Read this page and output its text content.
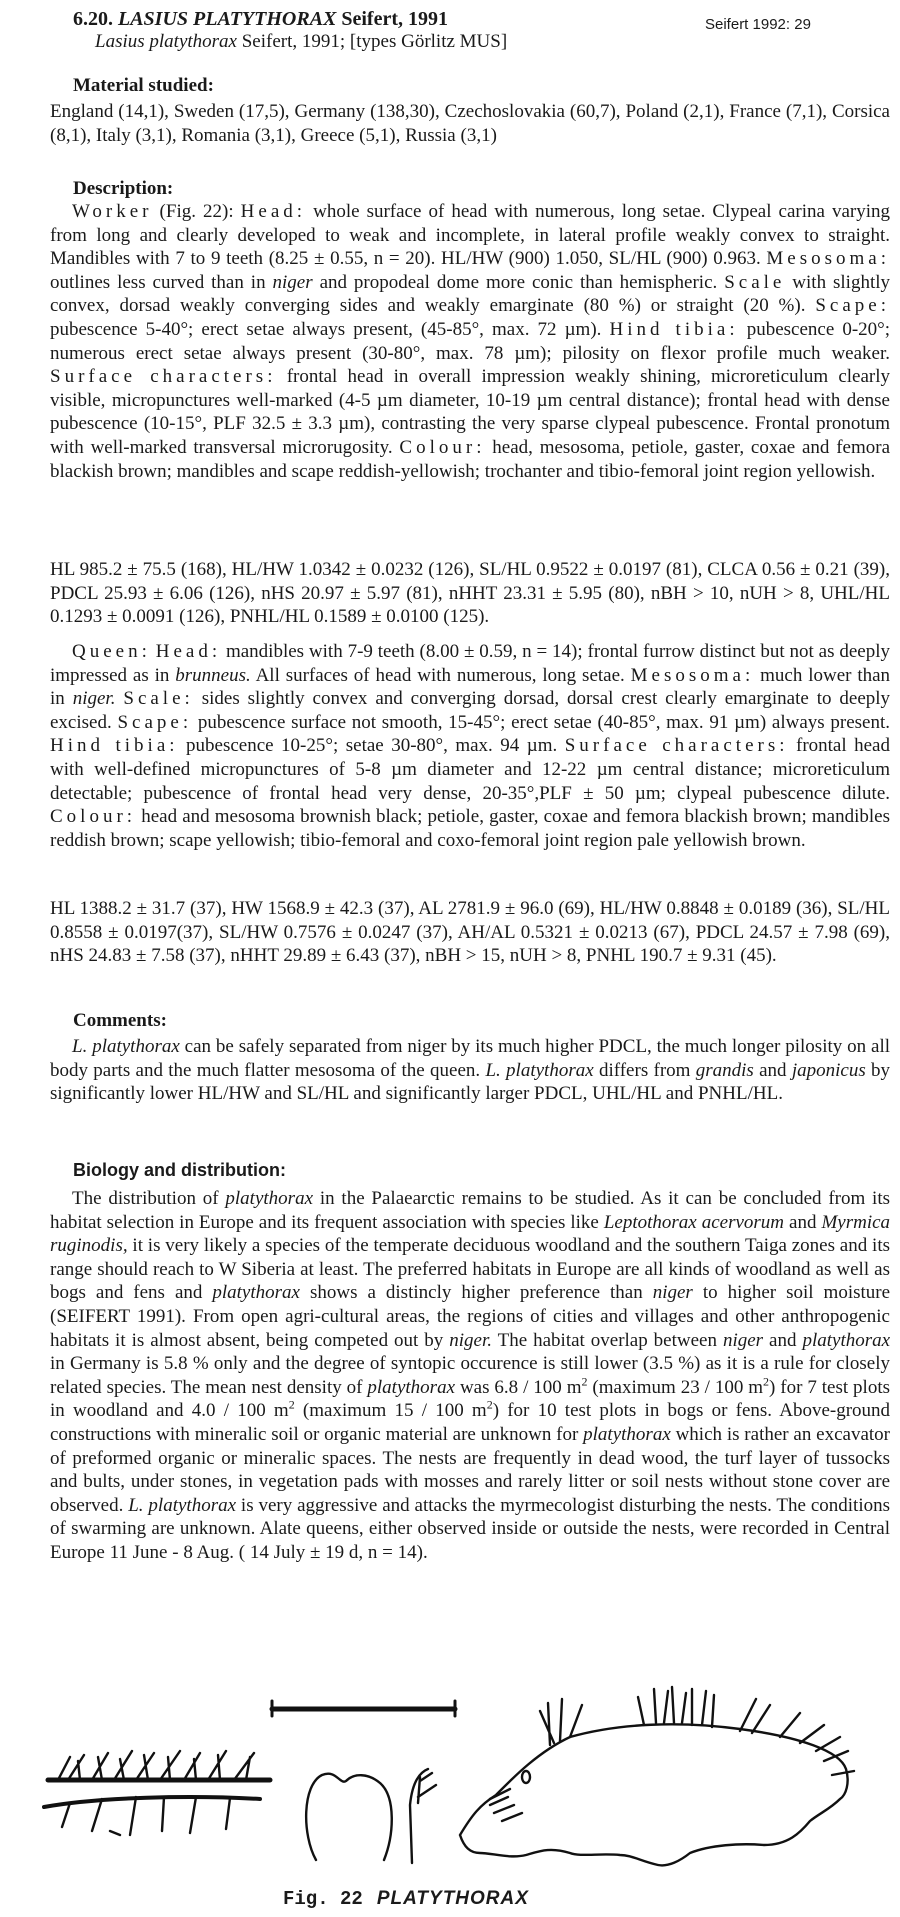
6.20. LASIUS PLATYTHORAX Seifert, 1991
Lasius platythorax Seifert, 1991; [types Görlitz MUS]
Seifert 1992: 29
Material studied:

England (14,1), Sweden (17,5), Germany (138,30), Czechoslovakia (60,7), Poland (2,1), France (7,1), Corsica (8,1), Italy (3,1), Romania (3,1), Greece (5,1), Russia (3,1)

Description:

Worker (Fig. 22): Head: whole surface of head with numerous, long setae. Clypeal carina varying from long and clearly developed to weak and incomplete, in lateral profile weakly convex to straight. Mandibles with 7 to 9 teeth (8.25 ± 0.55, n = 20). HL/HW (900) 1.050, SL/HL (900) 0.963. Mesosoma: outlines less curved than in niger and propodeal dome more conic than hemispheric. Scale with slightly convex, dorsad weakly converging sides and weakly emarginate (80 %) or straight (20 %). Scape: pubescence 5-40°; erect setae always present, (45-85°, max. 72 µm). Hind tibia: pubescence 0-20°; numerous erect setae always present (30-80°, max. 78 µm); pilosity on flexor profile much weaker. Surface characters: frontal head in overall impression weakly shining, microreticulum clearly visible, micropunctures well-marked (4-5 µm diameter, 10-19 µm central distance); frontal head with dense pubescence (10-15°, PLF 32.5 ± 3.3 µm), contrasting the very sparse clypeal pubescence. Frontal pronotum with well-marked transversal microrugosity. Colour: head, mesosoma, petiole, gaster, coxae and femora blackish brown; mandibles and scape reddish-yellowish; trochanter and tibio-femoral joint region yellowish.

HL 985.2 ± 75.5 (168), HL/HW 1.0342 ± 0.0232 (126), SL/HL 0.9522 ± 0.0197 (81), CLCA 0.56 ± 0.21 (39), PDCL 25.93 ± 6.06 (126), nHS 20.97 ± 5.97 (81), nHHT 23.31 ± 5.95 (80), nBH > 10, nUH > 8, UHL/HL 0.1293 ± 0.0091 (126), PNHL/HL 0.1589 ± 0.0100 (125).

Queen: Head: mandibles with 7-9 teeth (8.00 ± 0.59, n = 14); frontal furrow distinct but not as deeply impressed as in brunneus. All surfaces of head with numerous, long setae. Mesosoma: much lower than in niger. Scale: sides slightly convex and converging dorsad, dorsal crest clearly emarginate to deeply excised. Scape: pubescence surface not smooth, 15-45°; erect setae (40-85°, max. 91 µm) always present. Hind tibia: pubescence 10-25°; setae 30-80°, max. 94 µm. Surface characters: frontal head with well-defined micropunctures of 5-8 µm diameter and 12-22 µm central distance; microreticulum detectable; pubescence of frontal head very dense, 20-35°,PLF ± 50 µm; clypeal pubescence dilute. Colour: head and mesosoma brownish black; petiole, gaster, coxae and femora blackish brown; mandibles reddish brown; scape yellowish; tibio-femoral and coxo-femoral joint region pale yellowish brown.

HL 1388.2 ± 31.7 (37), HW 1568.9 ± 42.3 (37), AL 2781.9 ± 96.0 (69), HL/HW 0.8848 ± 0.0189 (36), SL/HL 0.8558 ± 0.0197(37), SL/HW 0.7576 ± 0.0247 (37), AH/AL 0.5321 ± 0.0213 (67), PDCL 24.57 ± 7.98 (69), nHS 24.83 ± 7.58 (37), nHHT 29.89 ± 6.43 (37), nBH > 15, nUH > 8, PNHL 190.7 ± 9.31 (45).

Comments:

L. platythorax can be safely separated from niger by its much higher PDCL, the much longer pilosity on all body parts and the much flatter mesosoma of the queen. L. platythorax differs from grandis and japonicus by significantly lower HL/HW and SL/HL and significantly larger PDCL, UHL/HL and PNHL/HL.

Biology and distribution:

The distribution of platythorax in the Palaearctic remains to be studied. As it can be concluded from its habitat selection in Europe and its frequent association with species like Leptothorax acervorum and Myrmica ruginodis, it is very likely a species of the temperate deciduous woodland and the southern Taiga zones and its range should reach to W Siberia at least. The preferred habitats in Europe are all kinds of woodland as well as bogs and fens and platythorax shows a distincly higher preference than niger to higher soil moisture (SEIFERT 1991). From open agri-cultural areas, the regions of cities and villages and other anthropogenic habitats it is almost absent, being competed out by niger. The habitat overlap between niger and platythorax in Germany is 5.8 % only and the degree of syntopic occurence is still lower (3.5 %) as it is a rule for closely related species. The mean nest density of platythorax was 6.8 / 100 $m^2$ (maximum 23 / 100 $m^2$) for 7 test plots in woodland and 4.0 / 100 $m^2$ (maximum 15 / 100 $m^2$) for 10 test plots in bogs or fens. Above-ground constructions with mineralic soil or organic material are unknown for platythorax which is rather an excavator of preformed organic or mineralic spaces. The nests are frequently in dead wood, the turf layer of tussocks and bults, under stones, in vegetation pads with mosses and rarely litter or soil nests without stone cover are observed. L. platythorax is very aggressive and attacks the myrmecologist disturbing the nests. The conditions of swarming are unknown. Alate queens, either observed inside or outside the nests, were recorded in Central Europe 11 June - 8 Aug. ( 14 July ± 19 d, n = 14).

Fig. 22 PLATYTHORAX
